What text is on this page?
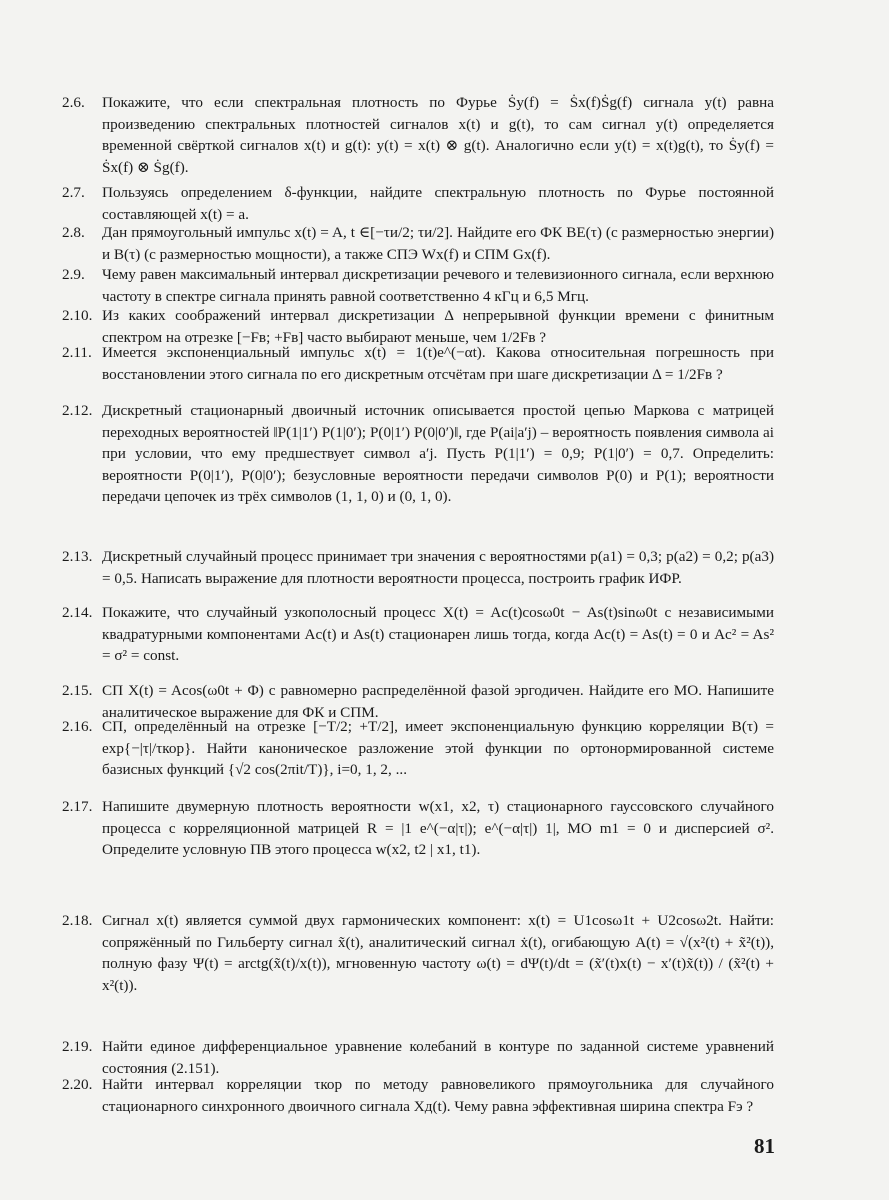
2.6. Покажите, что если спектральная плотность по Фурье Ṡy(f) = Ṡx(f)Ṡg(f) сигнала y(t) равна произведению спектральных плотностей сигналов x(t) и g(t), то сам сигнал y(t) определяется временной свёрткой сигналов x(t) и g(t): y(t) = x(t) ⊗ g(t). Аналогично если y(t) = x(t)g(t), то Ṡy(f) = Ṡx(f) ⊗ Ṡg(f).
2.7. Пользуясь определением δ-функции, найдите спектральную плотность по Фурье постоянной составляющей x(t) = a.
2.8. Дан прямоугольный импульс x(t) = A, t ∈[−τи/2; τи/2]. Найдите его ФК BE(τ) (с размерностью энергии) и B(τ) (с размерностью мощности), а также СПЭ Wx(f) и СПМ Gx(f).
2.9. Чему равен максимальный интервал дискретизации речевого и телевизионного сигнала, если верхнюю частоту в спектре сигнала принять равной соответственно 4 кГц и 6,5 Мгц.
2.10. Из каких соображений интервал дискретизации Δ непрерывной функции времени с финитным спектром на отрезке [−Fв; +Fв] часто выбирают меньше, чем 1/2Fв ?
2.11. Имеется экспоненциальный импульс x(t) = 1(t)e^(−αt). Какова относительная погрешность при восстановлении этого сигнала по его дискретным отсчётам при шаге дискретизации Δ = 1/2Fв ?
2.12. Дискретный стационарный двоичный источник описывается простой цепью Маркова с матрицей переходных вероятностей ‖P(1|1′) P(1|0′); P(0|1′) P(0|0′)‖, где P(ai|a′j) – вероятность появления символа ai при условии, что ему предшествует символ a′j. Пусть P(1|1′) = 0,9; P(1|0′) = 0,7. Определить: вероятности P(0|1′), P(0|0′); безусловные вероятности передачи символов P(0) и P(1); вероятности передачи цепочек из трёх символов (1, 1, 0) и (0, 1, 0).
2.13. Дискретный случайный процесс принимает три значения с вероятностями p(a1) = 0,3; p(a2) = 0,2; p(a3) = 0,5. Написать выражение для плотности вероятности процесса, построить график ИФР.
2.14. Покажите, что случайный узкополосный процесс X(t) = Ac(t)cosω0t − As(t)sinω0t с независимыми квадратурными компонентами Ac(t) и As(t) стационарен лишь тогда, когда Ac(t) = As(t) = 0 и Ac² = As² = σ² = const.
2.15. СП X(t) = Acos(ω0t + Φ) с равномерно распределённой фазой эргодичен. Найдите его МО. Напишите аналитическое выражение для ФК и СПМ.
2.16. СП, определённый на отрезке [−T/2; +T/2], имеет экспоненциальную функцию корреляции B(τ) = exp{−|τ|/τкор}. Найти каноническое разложение этой функции по ортонормированной системе базисных функций {√2 cos(2πit/T)}, i=0, 1, 2, ...
2.17. Напишите двумерную плотность вероятности w(x1, x2, τ) стационарного гауссовского случайного процесса с корреляционной матрицей R = |1 e^(−α|τ|); e^(−α|τ|) 1|, МО m1 = 0 и дисперсией σ². Определите условную ПВ этого процесса w(x2, t2 | x1, t1).
2.18. Сигнал x(t) является суммой двух гармонических компонент: x(t) = U1cosω1t + U2cosω2t. Найти: сопряжённый по Гильберту сигнал x̃(t), аналитический сигнал ẋ(t), огибающую A(t) = √(x²(t) + x̃²(t)), полную фазу Ψ(t) = arctg(x̃(t)/x(t)), мгновенную частоту ω(t) = dΨ(t)/dt = (x̃′(t)x(t) − x′(t)x̃(t)) / (x̃²(t) + x²(t)).
2.19. Найти единое дифференциальное уравнение колебаний в контуре по заданной системе уравнений состояния (2.151).
2.20. Найти интервал корреляции τкор по методу равновеликого прямоугольника для случайного стационарного синхронного двоичного сигнала Xд(t). Чему равна эффективная ширина спектра Fэ ?
81
